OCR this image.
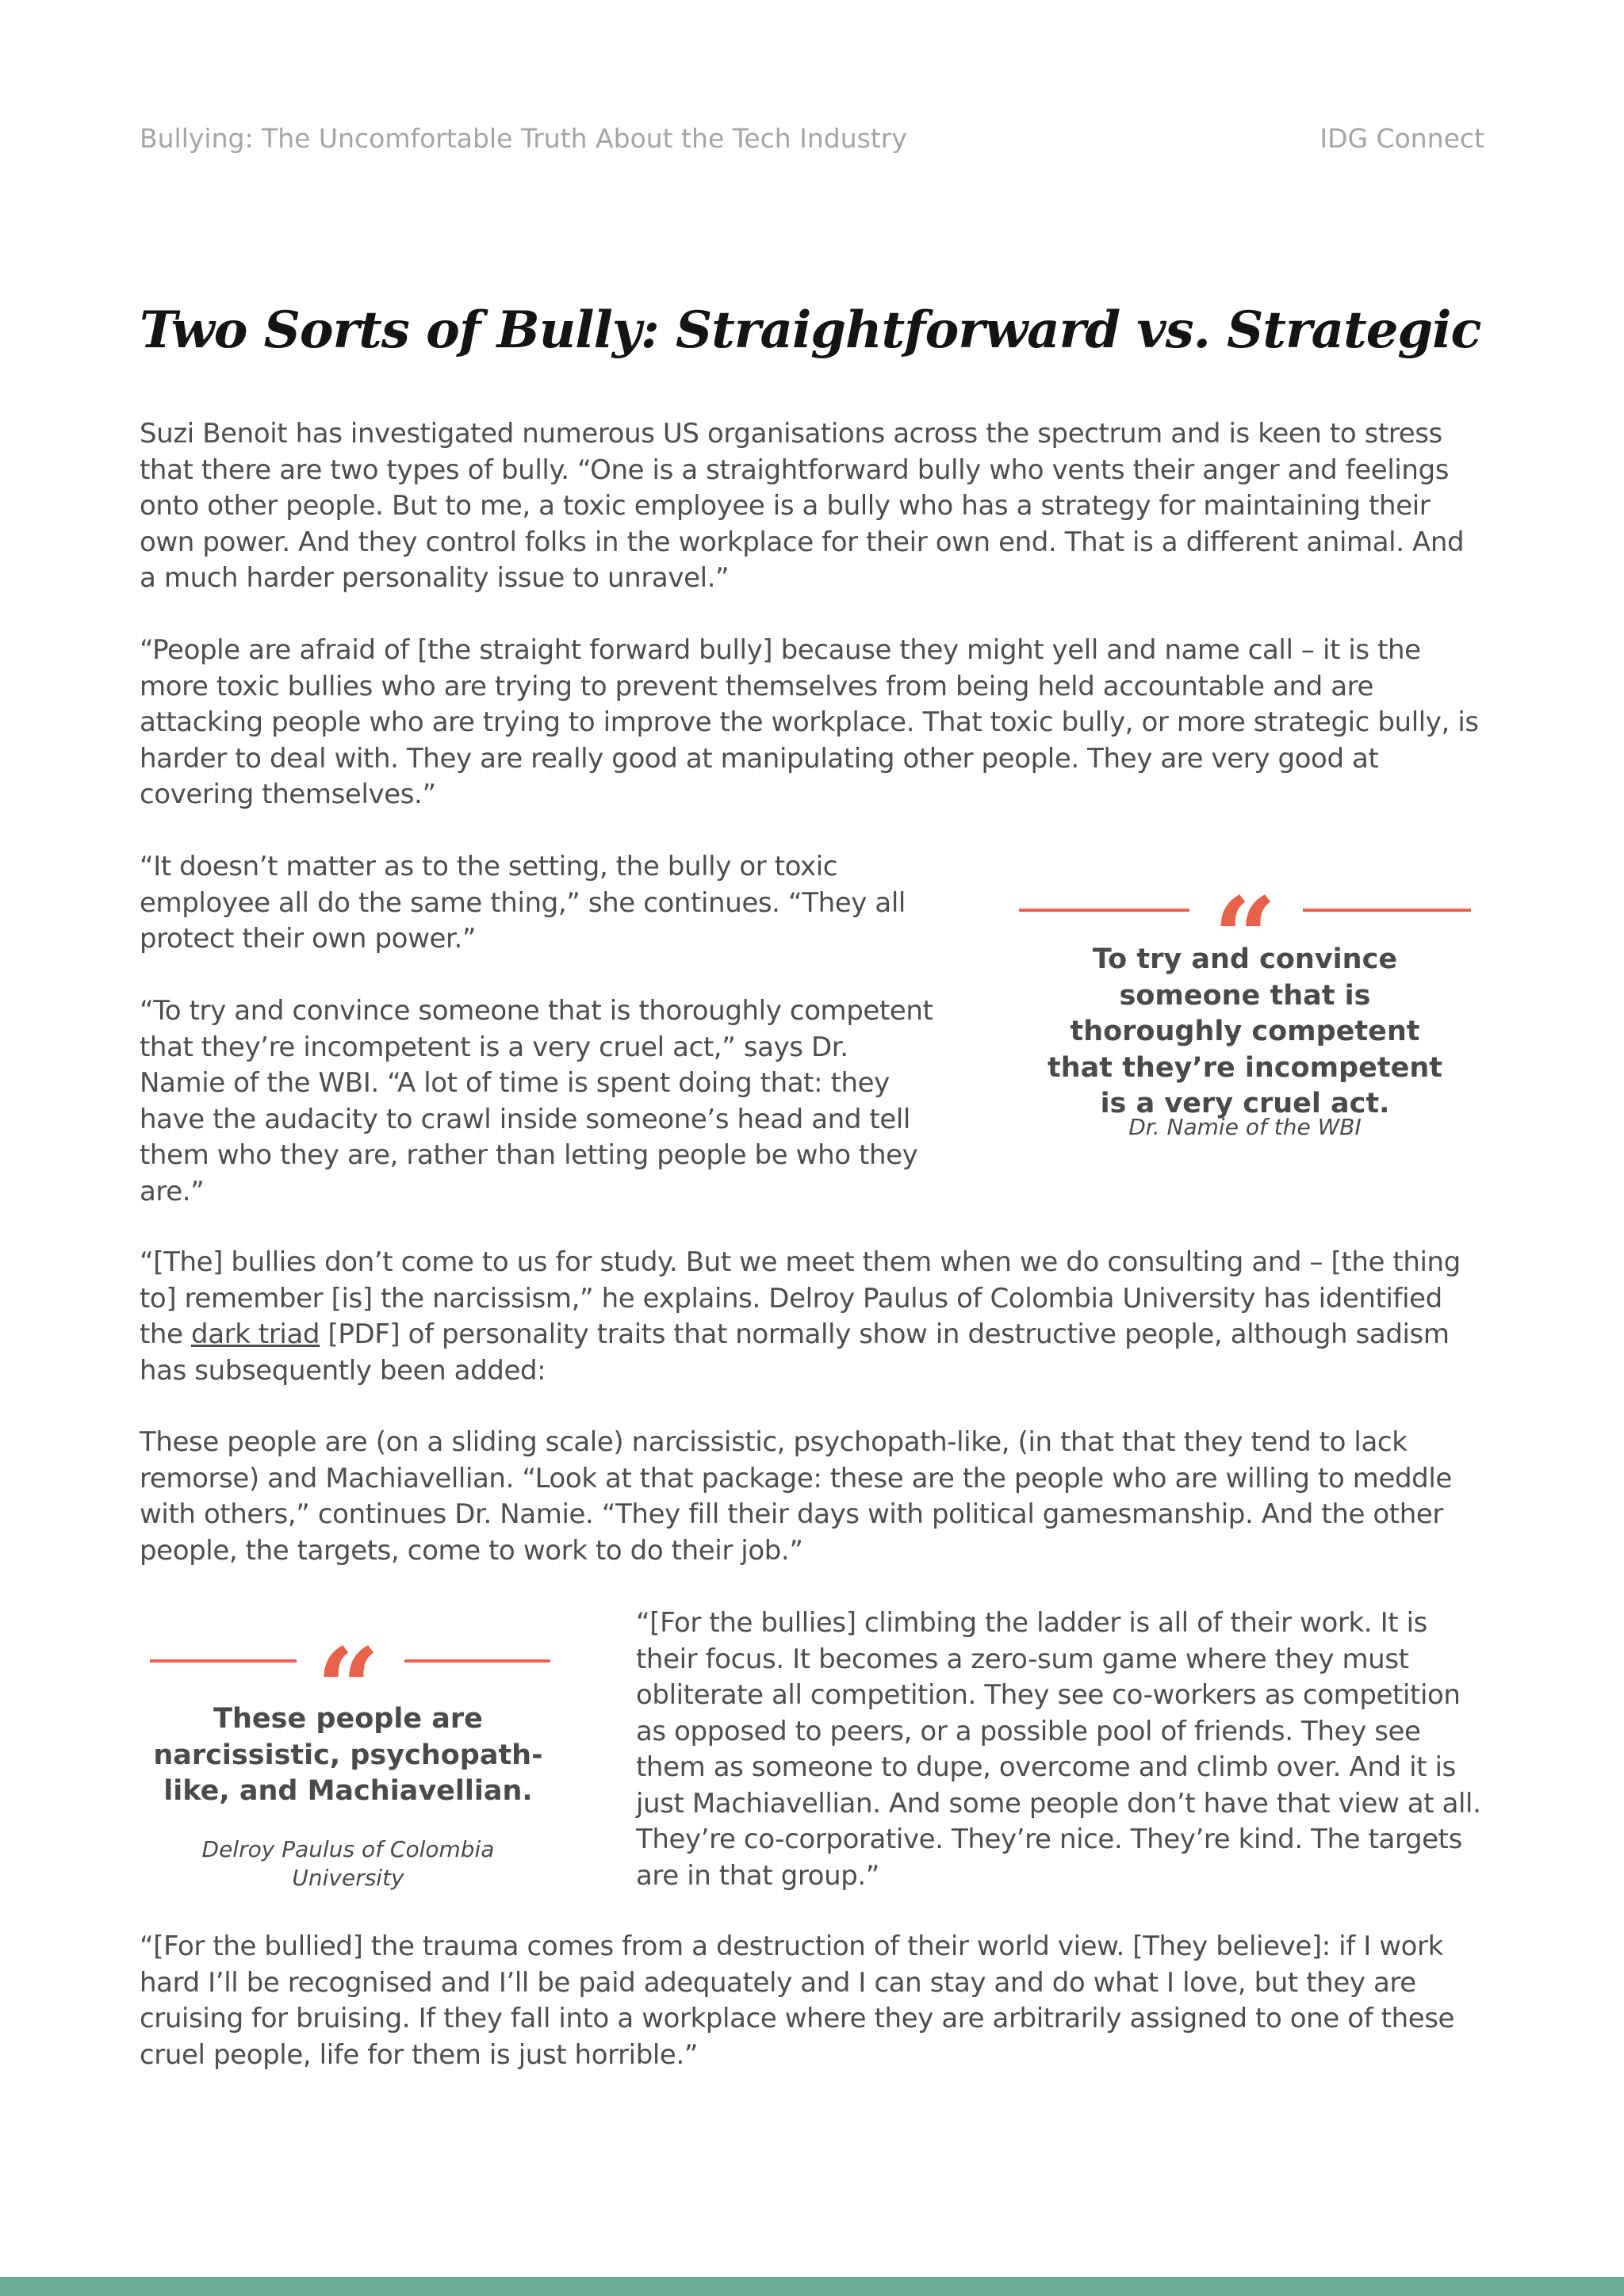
Bullying: The Uncomfortable Truth About the Tech Industry	IDG Connect
Two Sorts of Bully: Straightforward vs. Strategic

Suzi Benoit has investigated numerous US organisations across the spectrum and is keen to stress that there are two types of bully. “One is a straightforward bully who vents their anger and feelings onto other people. But to me, a toxic employee is a bully who has a strategy for maintaining their own power. And they control folks in the workplace for their own end. That is a different animal. And a much harder personality issue to unravel.”

“People are afraid of [the straight forward bully] because they might yell and name call – it is the more toxic bullies who are trying to prevent themselves from being held accountable and are attacking people who are trying to improve the workplace. That toxic bully, or more strategic bully, is harder to deal with. They are really good at manipulating other people. They are very good at covering themselves.”

“It doesn’t matter as to the setting, the bully or toxic employee all do the same thing,” she continues. “They all protect their own power.”

“To try and convince someone that is thoroughly competent that they’re incompetent is a very cruel act,” says Dr. Namie of the WBI. “A lot of time is spent doing that: they have the audacity to crawl inside someone’s head and tell them who they are, rather than letting people be who they are.”

“

To try and convince someone that is thoroughly competent that they’re incompetent is a very cruel act.

Dr. Namie of the WBI

“[The] bullies don’t come to us for study. But we meet them when we do consulting and – [the thing to] remember [is] the narcissism,” he explains. Delroy Paulus of Colombia University has identified the dark triad [PDF] of personality traits that normally show in destructive people, although sadism has subsequently been added:

These people are (on a sliding scale) narcissistic, psychopath-like, (in that that they tend to lack remorse) and Machiavellian. “Look at that package: these are the people who are willing to meddle with others,” continues Dr. Namie. “They fill their days with political gamesmanship. And the other people, the targets, come to work to do their job.”

“

These people are narcissistic, psychopath-like, and Machiavellian.

Delroy Paulus of Colombia University

“[For the bullies] climbing the ladder is all of their work. It is their focus. It becomes a zero-sum game where they must obliterate all competition. They see co-workers as competition as opposed to peers, or a possible pool of friends. They see them as someone to dupe, overcome and climb over. And it is just Machiavellian. And some people don’t have that view at all. They’re co-corporative. They’re nice. They’re kind. The targets are in that group.”

“[For the bullied] the trauma comes from a destruction of their world view. [They believe]: if I work hard I’ll be recognised and I’ll be paid adequately and I can stay and do what I love, but they are cruising for bruising. If they fall into a workplace where they are arbitrarily assigned to one of these cruel people, life for them is just horrible.”
